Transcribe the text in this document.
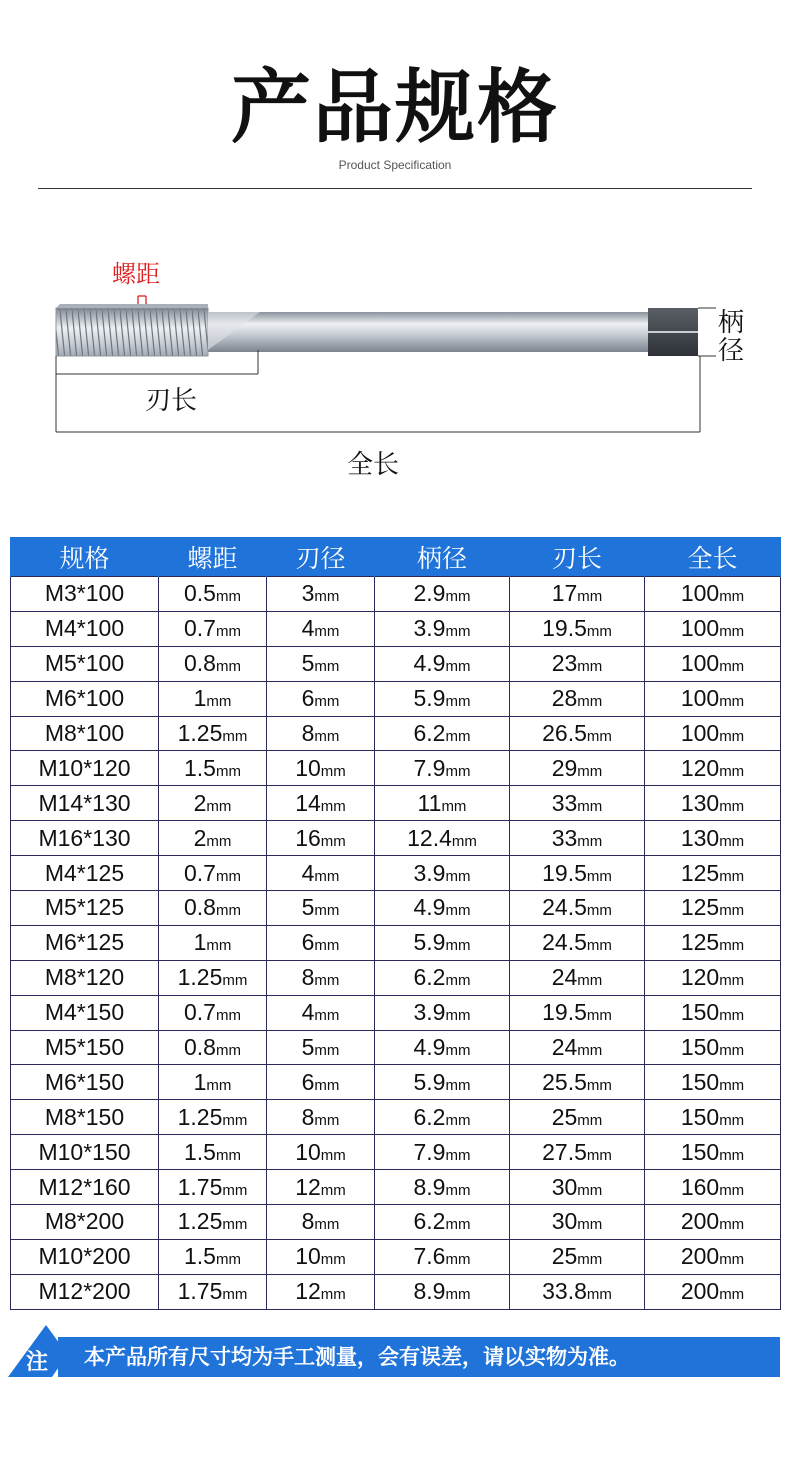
产品规格
Product Specification
螺距
柄
径
刃长
全长
规格	螺距	刃径	柄径	刃长	全长
M3*100	0.5mm	3mm	2.9mm	17mm	100mm
M4*100	0.7mm	4mm	3.9mm	19.5mm	100mm
M5*100	0.8mm	5mm	4.9mm	23mm	100mm
M6*100	1mm	6mm	5.9mm	28mm	100mm
M8*100	1.25mm	8mm	6.2mm	26.5mm	100mm
M10*120	1.5mm	10mm	7.9mm	29mm	120mm
M14*130	2mm	14mm	11mm	33mm	130mm
M16*130	2mm	16mm	12.4mm	33mm	130mm
M4*125	0.7mm	4mm	3.9mm	19.5mm	125mm
M5*125	0.8mm	5mm	4.9mm	24.5mm	125mm
M6*125	1mm	6mm	5.9mm	24.5mm	125mm
M8*120	1.25mm	8mm	6.2mm	24mm	120mm
M4*150	0.7mm	4mm	3.9mm	19.5mm	150mm
M5*150	0.8mm	5mm	4.9mm	24mm	150mm
M6*150	1mm	6mm	5.9mm	25.5mm	150mm
M8*150	1.25mm	8mm	6.2mm	25mm	150mm
M10*150	1.5mm	10mm	7.9mm	27.5mm	150mm
M12*160	1.75mm	12mm	8.9mm	30mm	160mm
M8*200	1.25mm	8mm	6.2mm	30mm	200mm
M10*200	1.5mm	10mm	7.6mm	25mm	200mm
M12*200	1.75mm	12mm	8.9mm	33.8mm	200mm
注 本产品所有尺寸均为手工测量，会有误差，请以实物为准。
